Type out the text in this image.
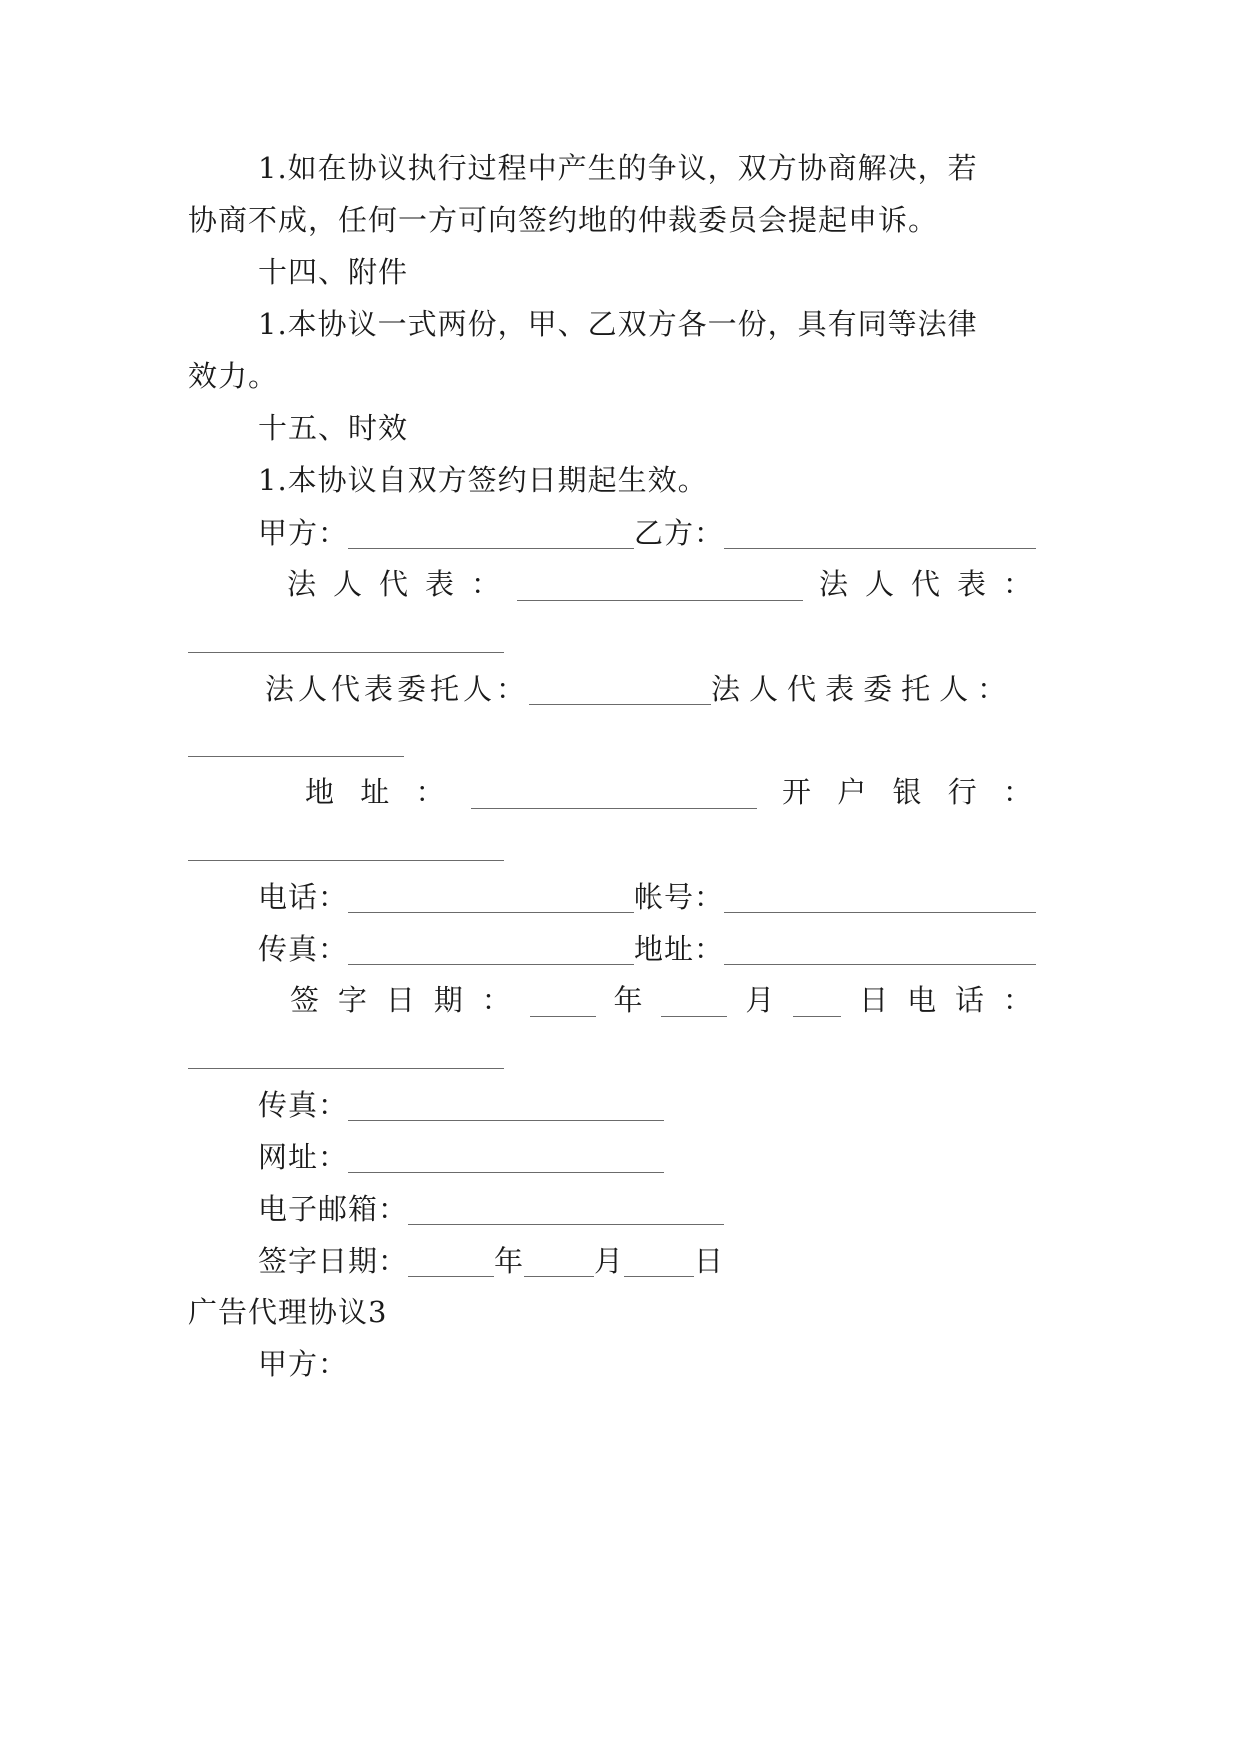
1.如在协议执行过程中产生的争议，双方协商解决，若
协商不成，任何一方可向签约地的仲裁委员会提起申诉。
十四、附件
1.本协议一式两份，甲、乙双方各一份，具有同等法律
效力。
十五、时效
1.本协议自双方签约日期起生效。
甲方：	乙方：
法 人 代 表 ：	法 人 代 表 ：
法人代表委托人：	法人代表委托人：
地 址 ：	开 户 银 行 ：
电话：	帐号：
传真：	地址：
签 字 日 期 ：	年	月	日 电 话 ：
传真：
网址：
电子邮箱：
签字日期：	年 月 日
广告代理协议3
甲方：
